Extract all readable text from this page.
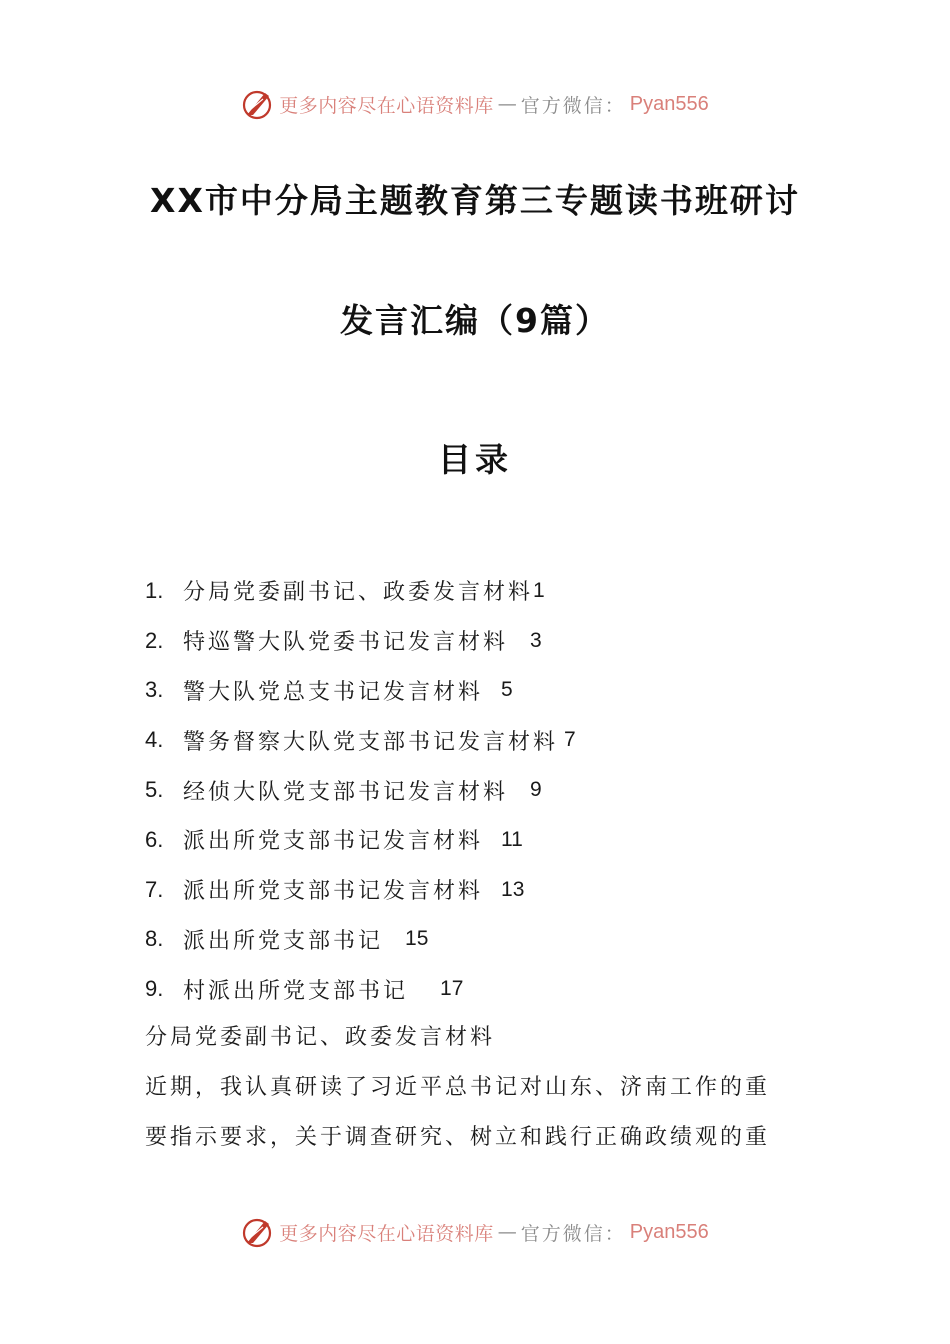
更多内容尽在心语资料库 — 官方微信： Pyan556
XX市中分局主题教育第三专题读书班研讨
发言汇编（9篇）
目录
1. 分局党委副书记、政委发言材料 1
2. 特巡警大队党委书记发言材料 3
3. 警大队党总支书记发言材料 5
4. 警务督察大队党支部书记发言材料 7
5. 经侦大队党支部书记发言材料 9
6. 派出所党支部书记发言材料 11
7. 派出所党支部书记发言材料 13
8. 派出所党支部书记 15
9. 村派出所党支部书记 17
分局党委副书记、政委发言材料
近期，我认真研读了习近平总书记对山东、济南工作的重
要指示要求，关于调查研究、树立和践行正确政绩观的重
更多内容尽在心语资料库 — 官方微信： Pyan556
